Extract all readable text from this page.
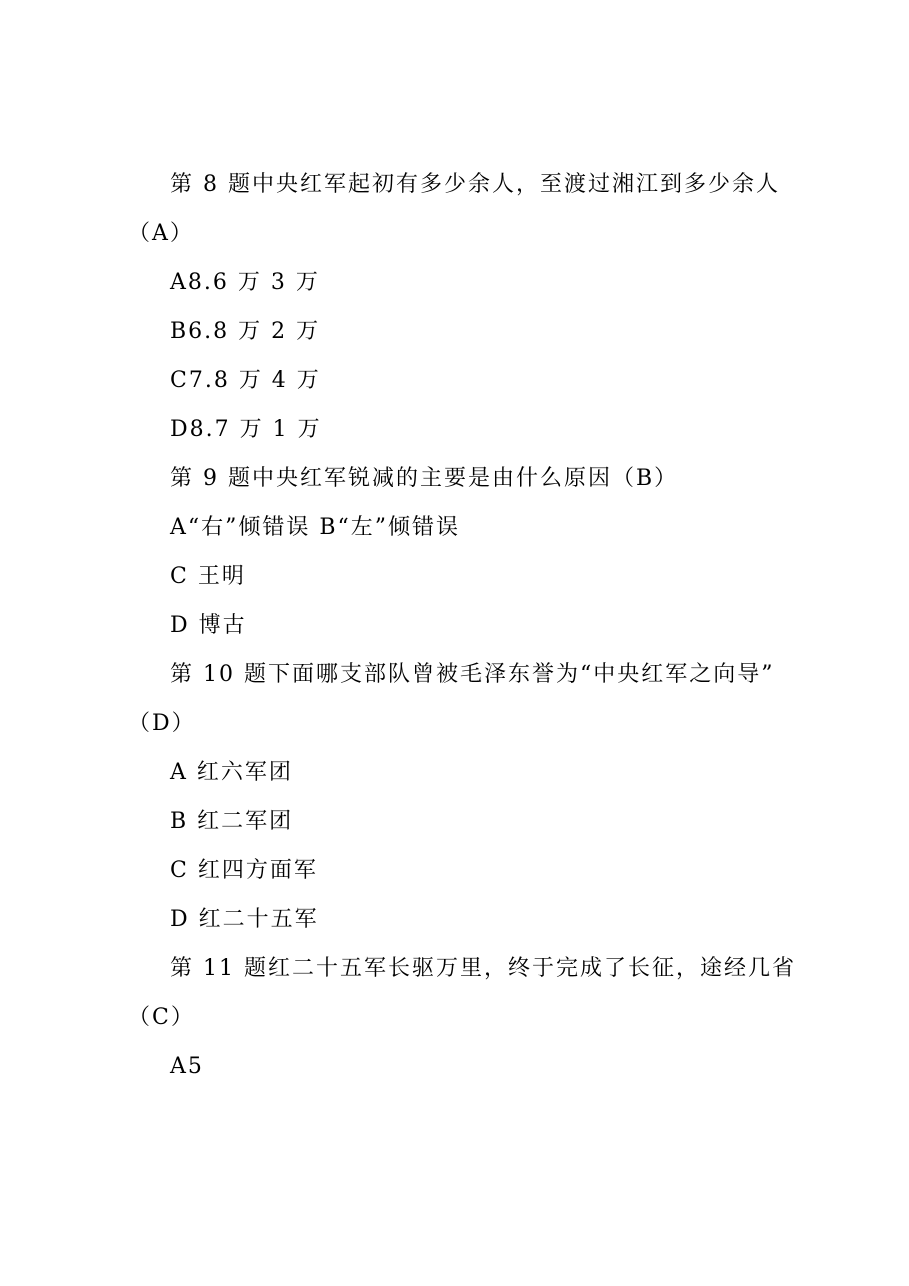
第 8 题中央红军起初有多少余人，至渡过湘江到多少余人
（A）
A8.6 万 3 万
B6.8 万 2 万
C7.8 万 4 万
D8.7 万 1 万
第 9 题中央红军锐减的主要是由什么原因（B）
A“右”倾错误 B“左”倾错误
C 王明
D 博古
第 10 题下面哪支部队曾被毛泽东誉为“中央红军之向导”
（D）
A 红六军团
B 红二军团
C 红四方面军
D 红二十五军
第 11 题红二十五军长驱万里，终于完成了长征，途经几省
（C）
A5
